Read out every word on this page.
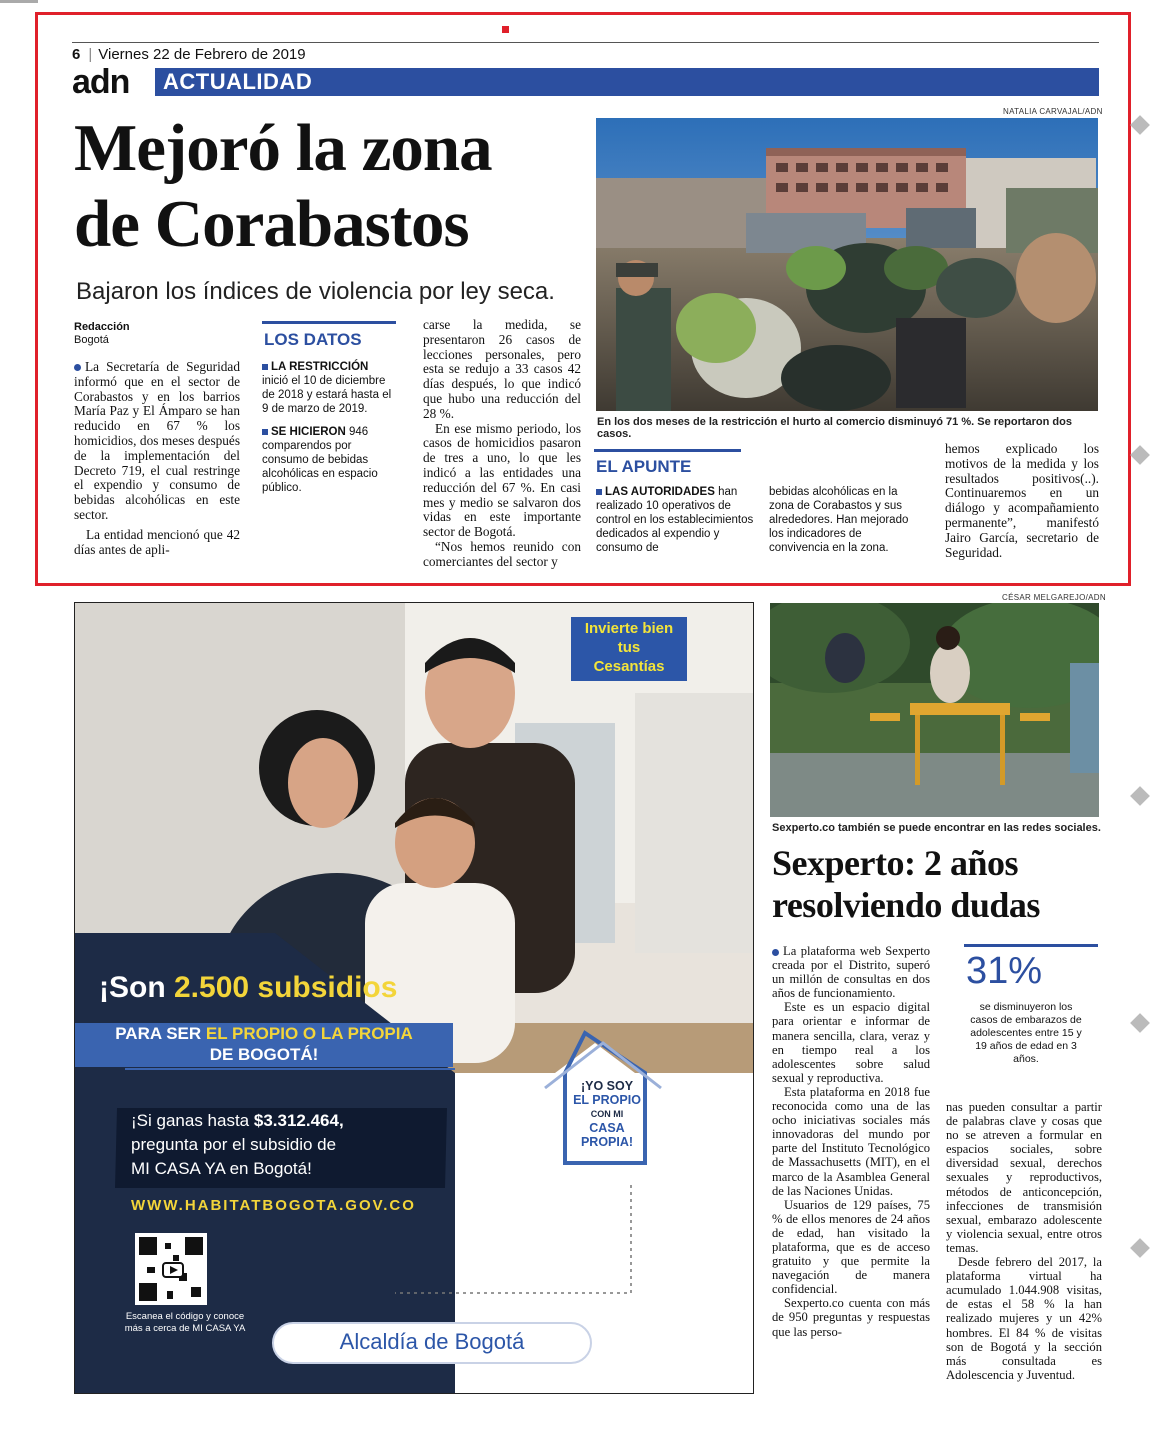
6 | Viernes 22 de Febrero de 2019
adn	ACTUALIDAD
Mejoró la zona
de Corabastos
Bajaron los índices de violencia por ley seca.
NATALIA CARVAJAL/ADN
En los dos meses de la restricción el hurto al comercio disminuyó 71 %. Se reportaron dos casos.
Redacción
Bogotá

La Secretaría de Seguridad informó que en el sector de Corabastos y en los barrios María Paz y El Ámparo se han reducido en 67 % los homicidios, dos meses después de la implementación del Decreto 719, el cual restringe el expendio y consumo de bebidas alcohólicas en este sector.

La entidad mencionó que 42 días antes de apli-

LOS DATOS
LA RESTRICCIÓN inició el 10 de diciembre de 2018 y estará hasta el 9 de marzo de 2019.
SE HICIERON 946 comparendos por consumo de bebidas alcohólicas en espacio público.

carse la medida, se presentaron 26 casos de lecciones personales, pero esta se redujo a 33 casos 42 días después, lo que indicó que hubo una reducción del 28 %.

En ese mismo periodo, los casos de homicidios pasaron de tres a uno, lo que les indicó a las entidades una reducción del 67 %. En casi mes y medio se salvaron dos vidas en este importante sector de Bogotá.

“Nos hemos reunido con comerciantes del sector y

EL APUNTE
LAS AUTORIDADES han realizado 10 operativos de control en los establecimientos dedicados al expendio y consumo de
bebidas alcohólicas en la zona de Corabastos y sus alrededores. Han mejorado los indicadores de convivencia en la zona.

hemos explicado los motivos de la medida y los resultados positivos(..). Continuaremos en un diálogo y acompañamiento permanente”, manifestó Jairo García, secretario de Seguridad.

Invierte bien
tus
Cesantías
¡Son 2.500 subsidios
PARA SER EL PROPIO O LA PROPIA
DE BOGOTÁ!
¡Si ganas hasta $3.312.464,
pregunta por el subsidio de
MI CASA YA en Bogotá!
WWW.HABITATBOGOTA.GOV.CO
¡YO SOY
EL PROPIO
CON MI
CASA
PROPIA!
Escanea el código y conoce
más a cerca de MI CASA YA
Alcaldía de Bogotá
CÉSAR MELGAREJO/ADN
Sexperto.co también se puede encontrar en las redes sociales.
Sexperto: 2 años
resolviendo dudas
31%
se disminuyeron los casos de embarazos de adolescentes entre 15 y 19 años de edad en 3 años.

La plataforma web Sexperto creada por el Distrito, superó un millón de consultas en dos años de funcionamiento.

Este es un espacio digital para orientar e informar de manera sencilla, clara, veraz y en tiempo real a los adolescentes sobre salud sexual y reproductiva.

Esta plataforma en 2018 fue reconocida como una de las ocho iniciativas sociales más innovadoras del mundo por parte del Instituto Tecnológico de Massachusetts (MIT), en el marco de la Asamblea General de las Naciones Unidas.

Usuarios de 129 países, 75 % de ellos menores de 24 años de edad, han visitado la plataforma, que es de acceso gratuito y que permite la navegación de manera confidencial.

Sexperto.co cuenta con más de 950 preguntas y respuestas que las perso-

nas pueden consultar a partir de palabras clave y cosas que no se atreven a formular en espacios sociales, sobre diversidad sexual, derechos sexuales y reproductivos, métodos de anticoncepción, infecciones de transmisión sexual, embarazo adolescente y violencia sexual, entre otros temas.

Desde febrero del 2017, la plataforma virtual ha acumulado 1.044.908 visitas, de estas el 58 % la han realizado mujeres y un 42% hombres. El 84 % de visitas son de Bogotá y la sección más consultada es Adolescencia y Juventud.
